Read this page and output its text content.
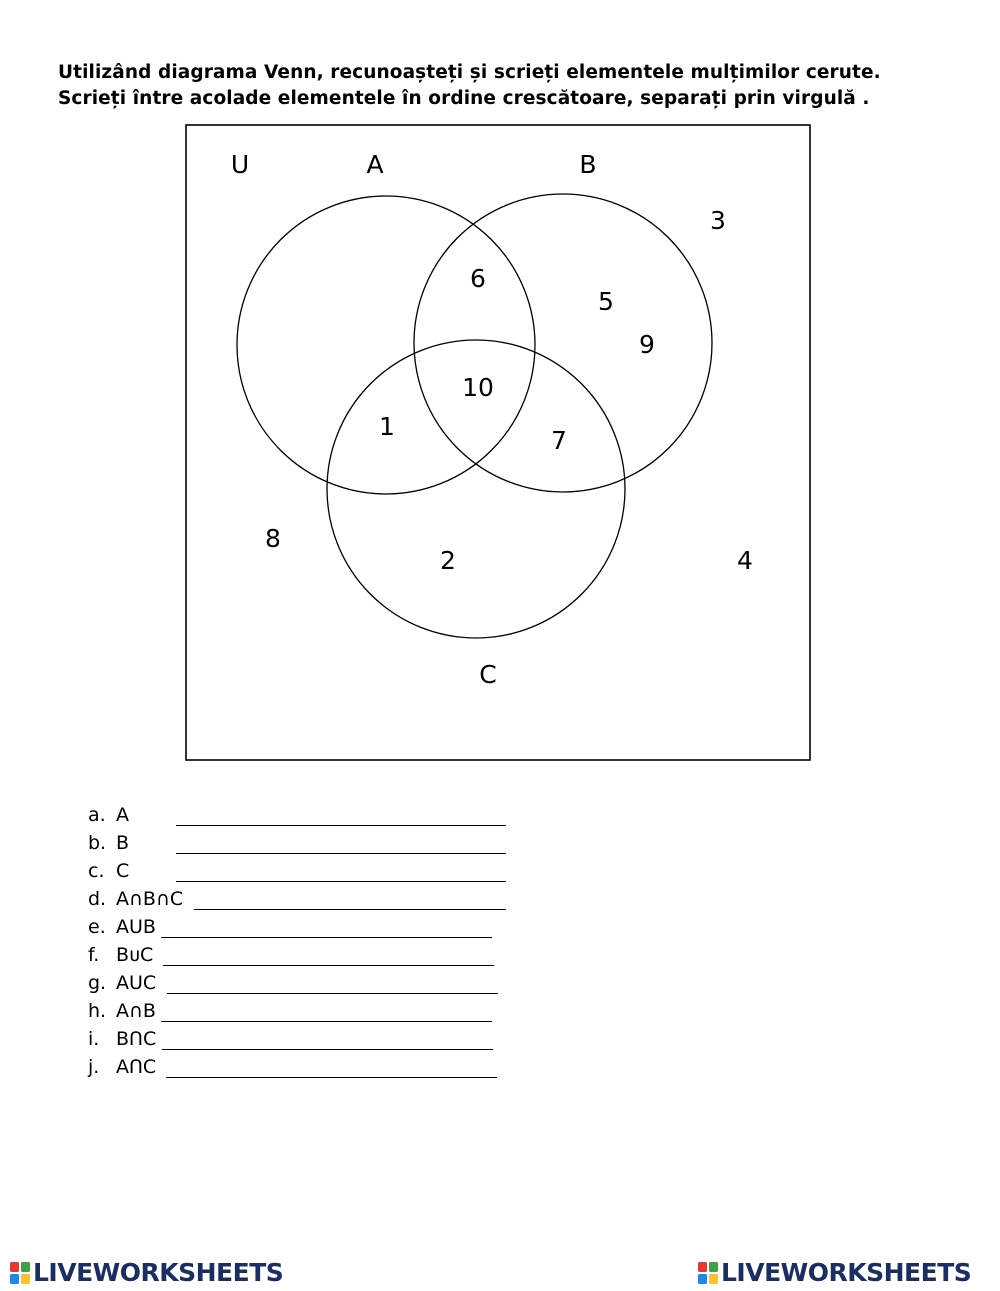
Utilizând diagrama Venn, recunoașteți și scrieți elementele mulțimilor cerute.
Scrieți între acolade elementele în ordine crescătoare, separați prin virgulă .
U	A	B
C
3
6
5
9
10
1	7
8
2	4
a. A
b. B
c. C
d. A∩B∩C
e. AUB
f. BᴜC
g. AUC
h. A∩B
i. BՈC
j. AՈC
LIVEWORKSHEETS	LIVEWORKSHEETS
